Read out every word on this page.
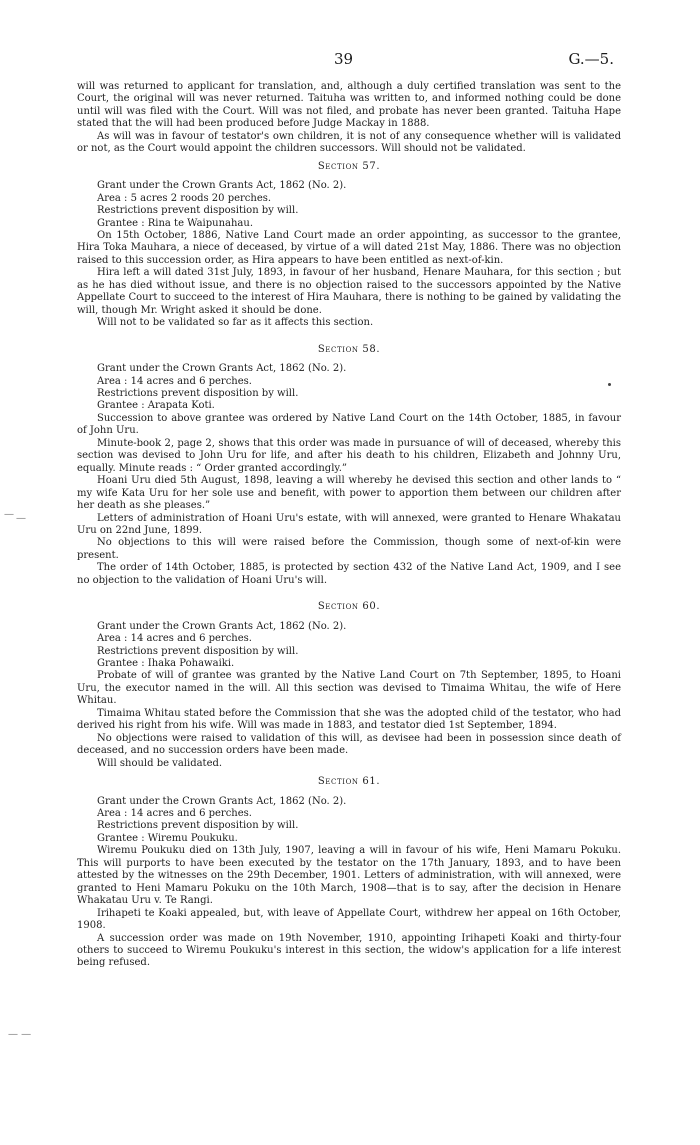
39	G.—5.

will was returned to applicant for translation, and, although a duly certified translation was sent to the Court, the original will was never returned. Taituha was written to, and informed nothing could be done until will was filed with the Court. Will was not filed, and probate has never been granted. Taituha Hape stated that the will had been produced before Judge Mackay in 1888.

As will was in favour of testator's own children, it is not of any consequence whether will is validated or not, as the Court would appoint the children successors. Will should not be validated.

Section 57.

Grant under the Crown Grants Act, 1862 (No. 2).

Area : 5 acres 2 roods 20 perches.

Restrictions prevent disposition by will.

Grantee : Rina te Waipunahau.

On 15th October, 1886, Native Land Court made an order appointing, as successor to the grantee, Hira Toka Mauhara, a niece of deceased, by virtue of a will dated 21st May, 1886. There was no objection raised to this succession order, as Hira appears to have been entitled as next-of-kin.

Hira left a will dated 31st July, 1893, in favour of her husband, Henare Mauhara, for this section ; but as he has died without issue, and there is no objection raised to the successors appointed by the Native Appellate Court to succeed to the interest of Hira Mauhara, there is nothing to be gained by validating the will, though Mr. Wright asked it should be done.

Will not to be validated so far as it affects this section.

Section 58.

Grant under the Crown Grants Act, 1862 (No. 2).

Area : 14 acres and 6 perches.

Restrictions prevent disposition by will.

Grantee : Arapata Koti.

Succession to above grantee was ordered by Native Land Court on the 14th October, 1885, in favour of John Uru.

Minute-book 2, page 2, shows that this order was made in pursuance of will of deceased, whereby this section was devised to John Uru for life, and after his death to his children, Elizabeth and Johnny Uru, equally. Minute reads : “ Order granted accordingly.”

Hoani Uru died 5th August, 1898, leaving a will whereby he devised this section and other lands to “ my wife Kata Uru for her sole use and benefit, with power to apportion them between our children after her death as she pleases.”

Letters of administration of Hoani Uru's estate, with will annexed, were granted to Henare Whakatau Uru on 22nd June, 1899.

No objections to this will were raised before the Commission, though some of next-of-kin were present.

The order of 14th October, 1885, is protected by section 432 of the Native Land Act, 1909, and I see no objection to the validation of Hoani Uru's will.

Section 60.

Grant under the Crown Grants Act, 1862 (No. 2).

Area : 14 acres and 6 perches.

Restrictions prevent disposition by will.

Grantee : Ihaka Pohawaiki.

Probate of will of grantee was granted by the Native Land Court on 7th September, 1895, to Hoani Uru, the executor named in the will. All this section was devised to Timaima Whitau, the wife of Here Whitau.

Timaima Whitau stated before the Commission that she was the adopted child of the testator, who had derived his right from his wife. Will was made in 1883, and testator died 1st September, 1894.

No objections were raised to validation of this will, as devisee had been in possession since death of deceased, and no succession orders have been made.

Will should be validated.

Section 61.

Grant under the Crown Grants Act, 1862 (No. 2).

Area : 14 acres and 6 perches.

Restrictions prevent disposition by will.

Grantee : Wiremu Poukuku.

Wiremu Poukuku died on 13th July, 1907, leaving a will in favour of his wife, Heni Mamaru Pokuku. This will purports to have been executed by the testator on the 17th January, 1893, and to have been attested by the witnesses on the 29th December, 1901. Letters of administration, with will annexed, were granted to Heni Mamaru Pokuku on the 10th March, 1908—that is to say, after the decision in Henare Whakatau Uru v. Te Rangi.

Irihapeti te Koaki appealed, but, with leave of Appellate Court, withdrew her appeal on 16th October, 1908.

A succession order was made on 19th November, 1910, appointing Irihapeti Koaki and thirty-four others to succeed to Wiremu Poukuku's interest in this section, the widow's application for a life interest being refused.

— —
— —
